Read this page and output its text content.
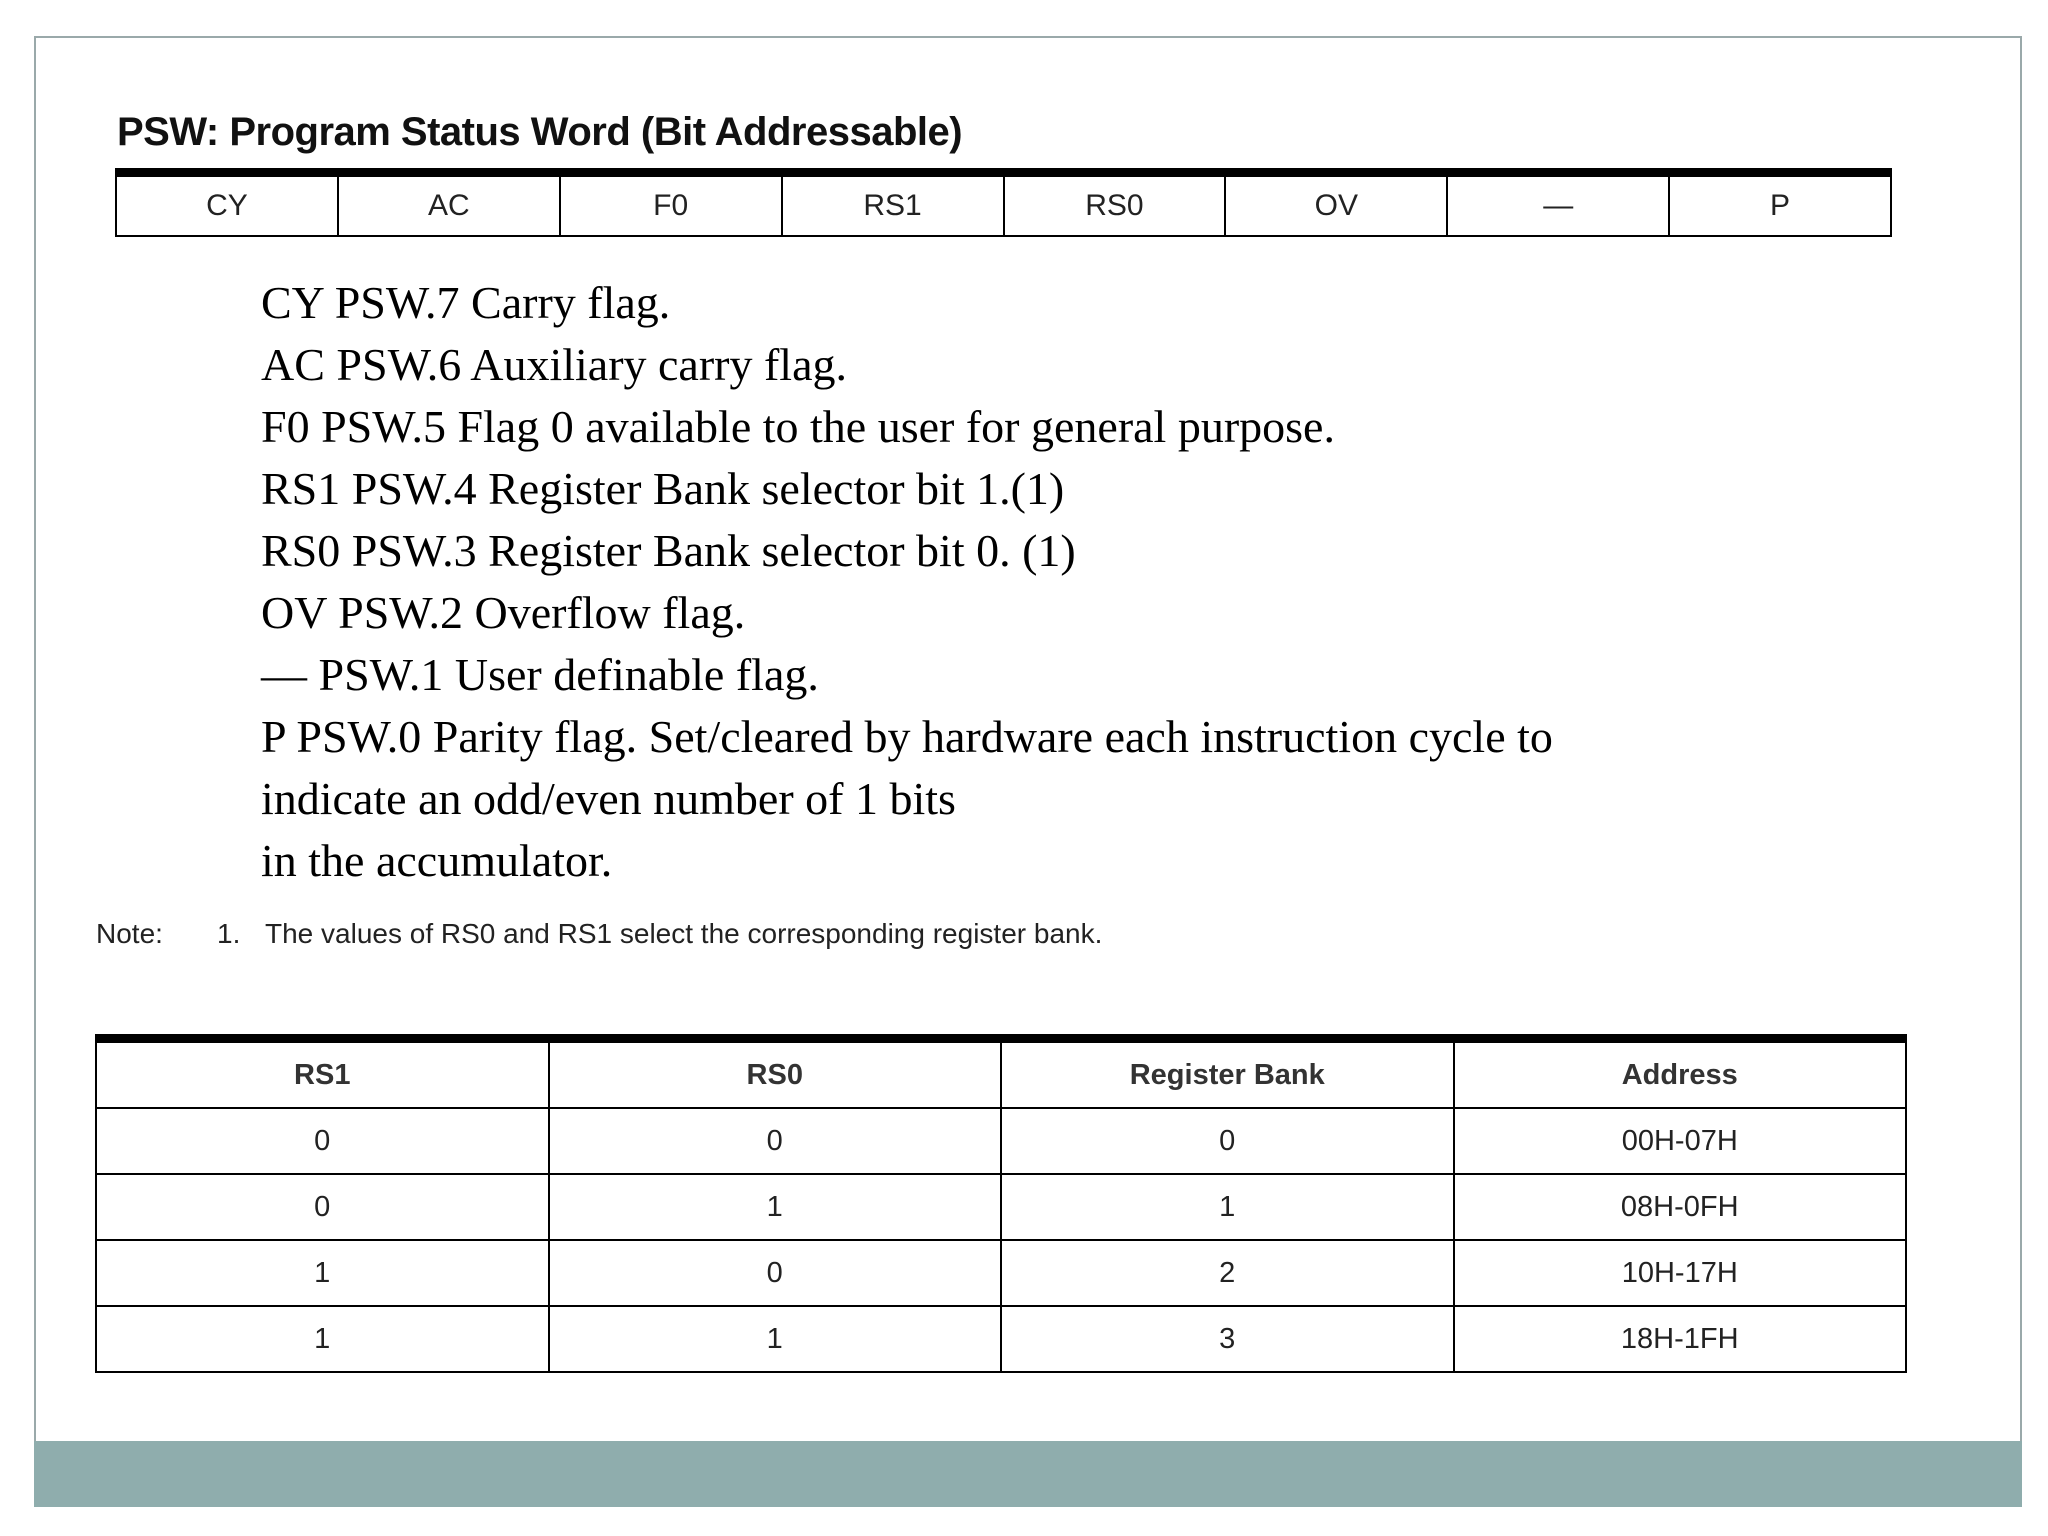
PSW: Program Status Word (Bit Addressable)
CY	AC	F0	RS1	RS0	OV	—	P
CY PSW.7 Carry flag.
AC PSW.6 Auxiliary carry flag.
F0 PSW.5 Flag 0 available to the user for general purpose.
RS1 PSW.4 Register Bank selector bit 1.(1)
RS0 PSW.3 Register Bank selector bit 0. (1)
OV PSW.2 Overflow flag.
— PSW.1 User definable flag.
P PSW.0 Parity flag. Set/cleared by hardware each instruction cycle to
indicate an odd/even number of 1 bits
in the accumulator.
Note: 1. The values of RS0 and RS1 select the corresponding register bank.
RS1	RS0	Register Bank	Address
0	0	0	00H-07H
0	1	1	08H-0FH
1	0	2	10H-17H
1	1	3	18H-1FH
